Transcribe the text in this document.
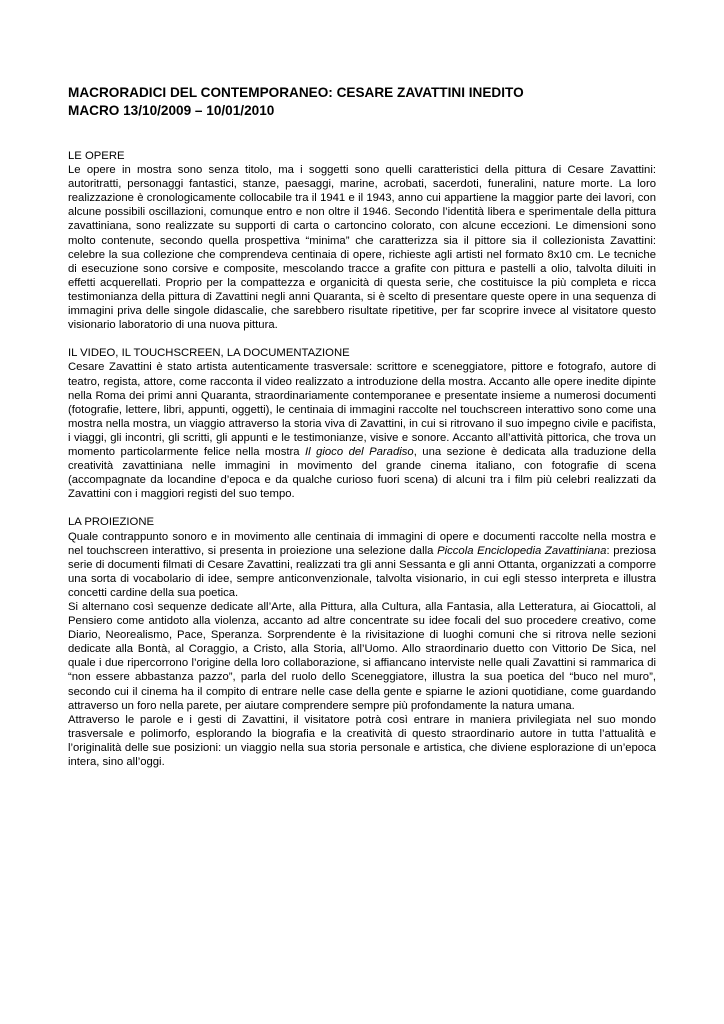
MACRORADICI DEL CONTEMPORANEO: CESARE ZAVATTINI INEDITO
MACRO 13/10/2009 – 10/01/2010
LE OPERE

Le opere in mostra sono senza titolo, ma i soggetti sono quelli caratteristici della pittura di Cesare Zavattini: autoritratti, personaggi fantastici, stanze, paesaggi, marine, acrobati, sacerdoti, funeralini, nature morte. La loro realizzazione è cronologicamente collocabile tra il 1941 e il 1943, anno cui appartiene la maggior parte dei lavori, con alcune possibili oscillazioni, comunque entro e non oltre il 1946. Secondo l’identità libera e sperimentale della pittura zavattiniana, sono realizzate su supporti di carta o cartoncino colorato, con alcune eccezioni. Le dimensioni sono molto contenute, secondo quella prospettiva “minima” che caratterizza sia il pittore sia il collezionista Zavattini: celebre la sua collezione che comprendeva centinaia di opere, richieste agli artisti nel formato 8x10 cm. Le tecniche di esecuzione sono corsive e composite, mescolando tracce a grafite con pittura e pastelli a olio, talvolta diluiti in effetti acquerellati. Proprio per la compattezza e organicità di questa serie, che costituisce la più completa e ricca testimonianza della pittura di Zavattini negli anni Quaranta, si è scelto di presentare queste opere in una sequenza di immagini priva delle singole didascalie, che sarebbero risultate ripetitive, per far scoprire invece al visitatore questo visionario laboratorio di una nuova pittura.

IL VIDEO, IL TOUCHSCREEN, LA DOCUMENTAZIONE

Cesare Zavattini è stato artista autenticamente trasversale: scrittore e sceneggiatore, pittore e fotografo, autore di teatro, regista, attore, come racconta il video realizzato a introduzione della mostra. Accanto alle opere inedite dipinte nella Roma dei primi anni Quaranta, straordinariamente contemporanee e presentate insieme a numerosi documenti (fotografie, lettere, libri, appunti, oggetti), le centinaia di immagini raccolte nel touchscreen interattivo sono come una mostra nella mostra, un viaggio attraverso la storia viva di Zavattini, in cui si ritrovano il suo impegno civile e pacifista, i viaggi, gli incontri, gli scritti, gli appunti e le testimonianze, visive e sonore. Accanto all’attività pittorica, che trova un momento particolarmente felice nella mostra Il gioco del Paradiso, una sezione è dedicata alla traduzione della creatività zavattiniana nelle immagini in movimento del grande cinema italiano, con fotografie di scena (accompagnate da locandine d’epoca e da qualche curioso fuori scena) di alcuni tra i film più celebri realizzati da Zavattini con i maggiori registi del suo tempo.

LA PROIEZIONE

Quale contrappunto sonoro e in movimento alle centinaia di immagini di opere e documenti raccolte nella mostra e nel touchscreen interattivo, si presenta in proiezione una selezione dalla Piccola Enciclopedia Zavattiniana: preziosa serie di documenti filmati di Cesare Zavattini, realizzati tra gli anni Sessanta e gli anni Ottanta, organizzati a comporre una sorta di vocabolario di idee, sempre anticonvenzionale, talvolta visionario, in cui egli stesso interpreta e illustra concetti cardine della sua poetica.

Si alternano così sequenze dedicate all’Arte, alla Pittura, alla Cultura, alla Fantasia, alla Letteratura, ai Giocattoli, al Pensiero come antidoto alla violenza, accanto ad altre concentrate su idee focali del suo procedere creativo, come Diario, Neorealismo, Pace, Speranza. Sorprendente è la rivisitazione di luoghi comuni che si ritrova nelle sezioni dedicate alla Bontà, al Coraggio, a Cristo, alla Storia, all’Uomo. Allo straordinario duetto con Vittorio De Sica, nel quale i due ripercorrono l’origine della loro collaborazione, si affiancano interviste nelle quali Zavattini si rammarica di “non essere abbastanza pazzo”, parla del ruolo dello Sceneggiatore, illustra la sua poetica del “buco nel muro”, secondo cui il cinema ha il compito di entrare nelle case della gente e spiarne le azioni quotidiane, come guardando attraverso un foro nella parete, per aiutare comprendere sempre più profondamente la natura umana.

Attraverso le parole e i gesti di Zavattini, il visitatore potrà così entrare in maniera privilegiata nel suo mondo trasversale e polimorfo, esplorando la biografia e la creatività di questo straordinario autore in tutta l’attualità e l’originalità delle sue posizioni: un viaggio nella sua storia personale e artistica, che diviene esplorazione di un’epoca intera, sino all’oggi.
